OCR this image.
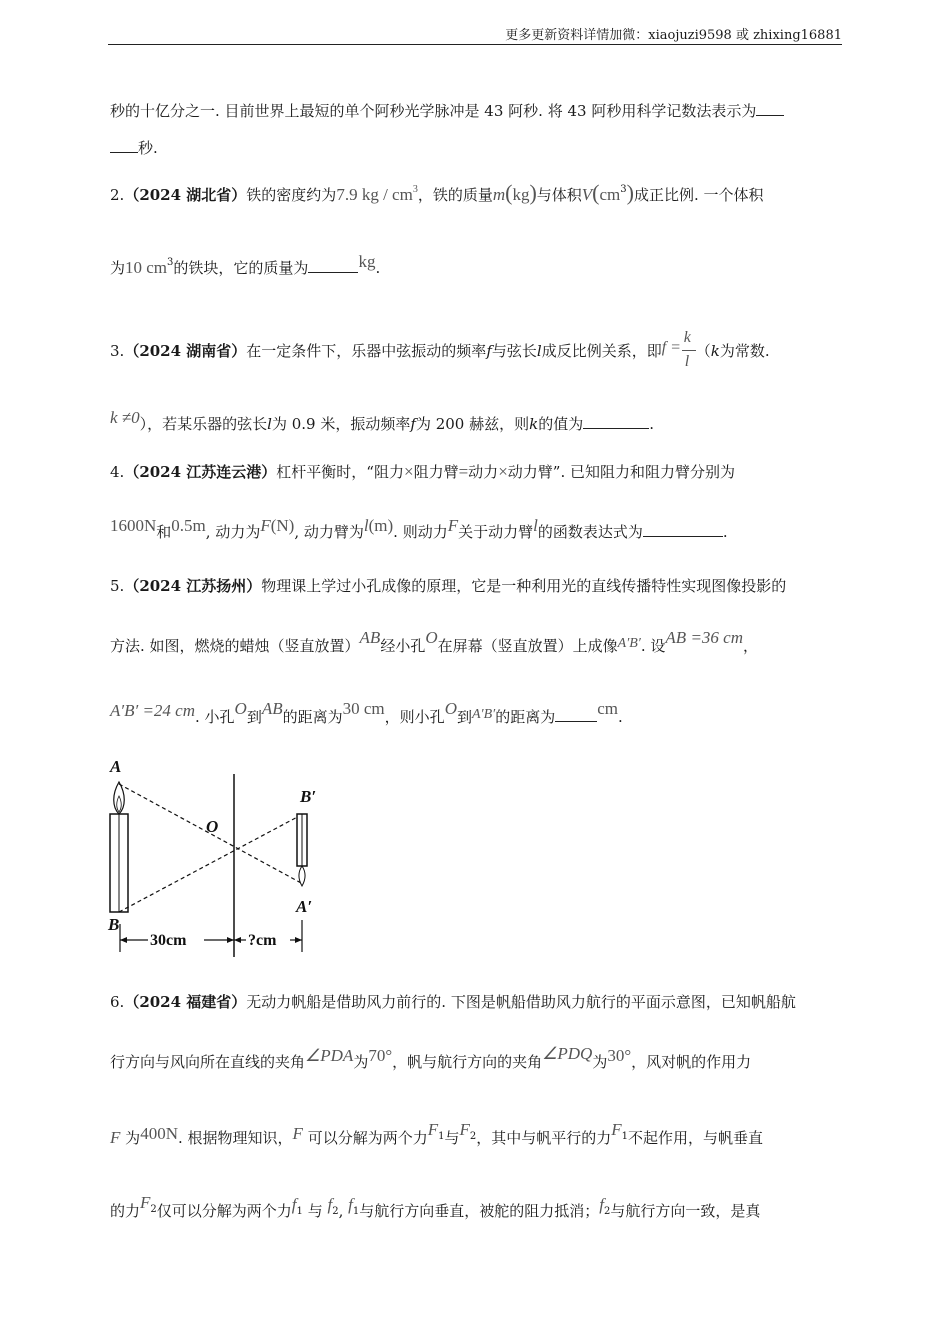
更多更新资料详情加微：xiaojuzi9598 或 zhixing16881
秒的十亿分之一. 目前世界上最短的单个阿秒光学脉冲是 43 阿秒. 将 43 阿秒用科学记数法表示为
秒.
2.（2024 湖北省）铁的密度约为7.9 kg / $cm^3$，铁的质量m(kg)与体积$V(cm^3)$成正比例. 一个体积
为10 $cm^3$的铁块，它的质量为	kg.
3.（2024 湖南省）在一定条件下，乐器中弦振动的频率f与弦长l成反比例关系，即 f =
k
l
（k为常数.
k ≠0），若某乐器的弦长l为 0.9 米，振动频率f为 200 赫兹，则k的值为	.
4.（2024 江苏连云港）杠杆平衡时，“阻力×阻力臂=动力×动力臂”. 已知阻力和阻力臂分别为
1600N和0.5m, 动力为F(N), 动力臂为l(m). 则动力F关于动力臂l的函数表达式为	.
5.（2024 江苏扬州）物理课上学过小孔成像的原理，它是一种利用光的直线传播特性实现图像投影的
方法. 如图，燃烧的蜡烛（竖直放置）AB经小孔O在屏幕（竖直放置）上成像A′B′. 设AB =36 cm，
A′B′ =24 cm. 小孔O到AB的距离为30 cm，则小孔O到A′B′的距离为 cm.
A
B
O
B′
A′
30cm	?cm
6.（2024 福建省）无动力帆船是借助风力前行的. 下图是帆船借助风力航行的平面示意图，已知帆船航
行方向与风向所在直线的夹角∠PDA为70°，帆与航行方向的夹角∠PDQ为30°，风对帆的作用力
F 为400N. 根据物理知识，F 可以分解为两个力$F^1$与$F^2$，其中与帆平行的力$F^1$不起作用，与帆垂直
的力$F^2$仅可以分解为两个力f1 与 f2, f1与航行方向垂直，被舵的阻力抵消；f2与航行方向一致，是真
